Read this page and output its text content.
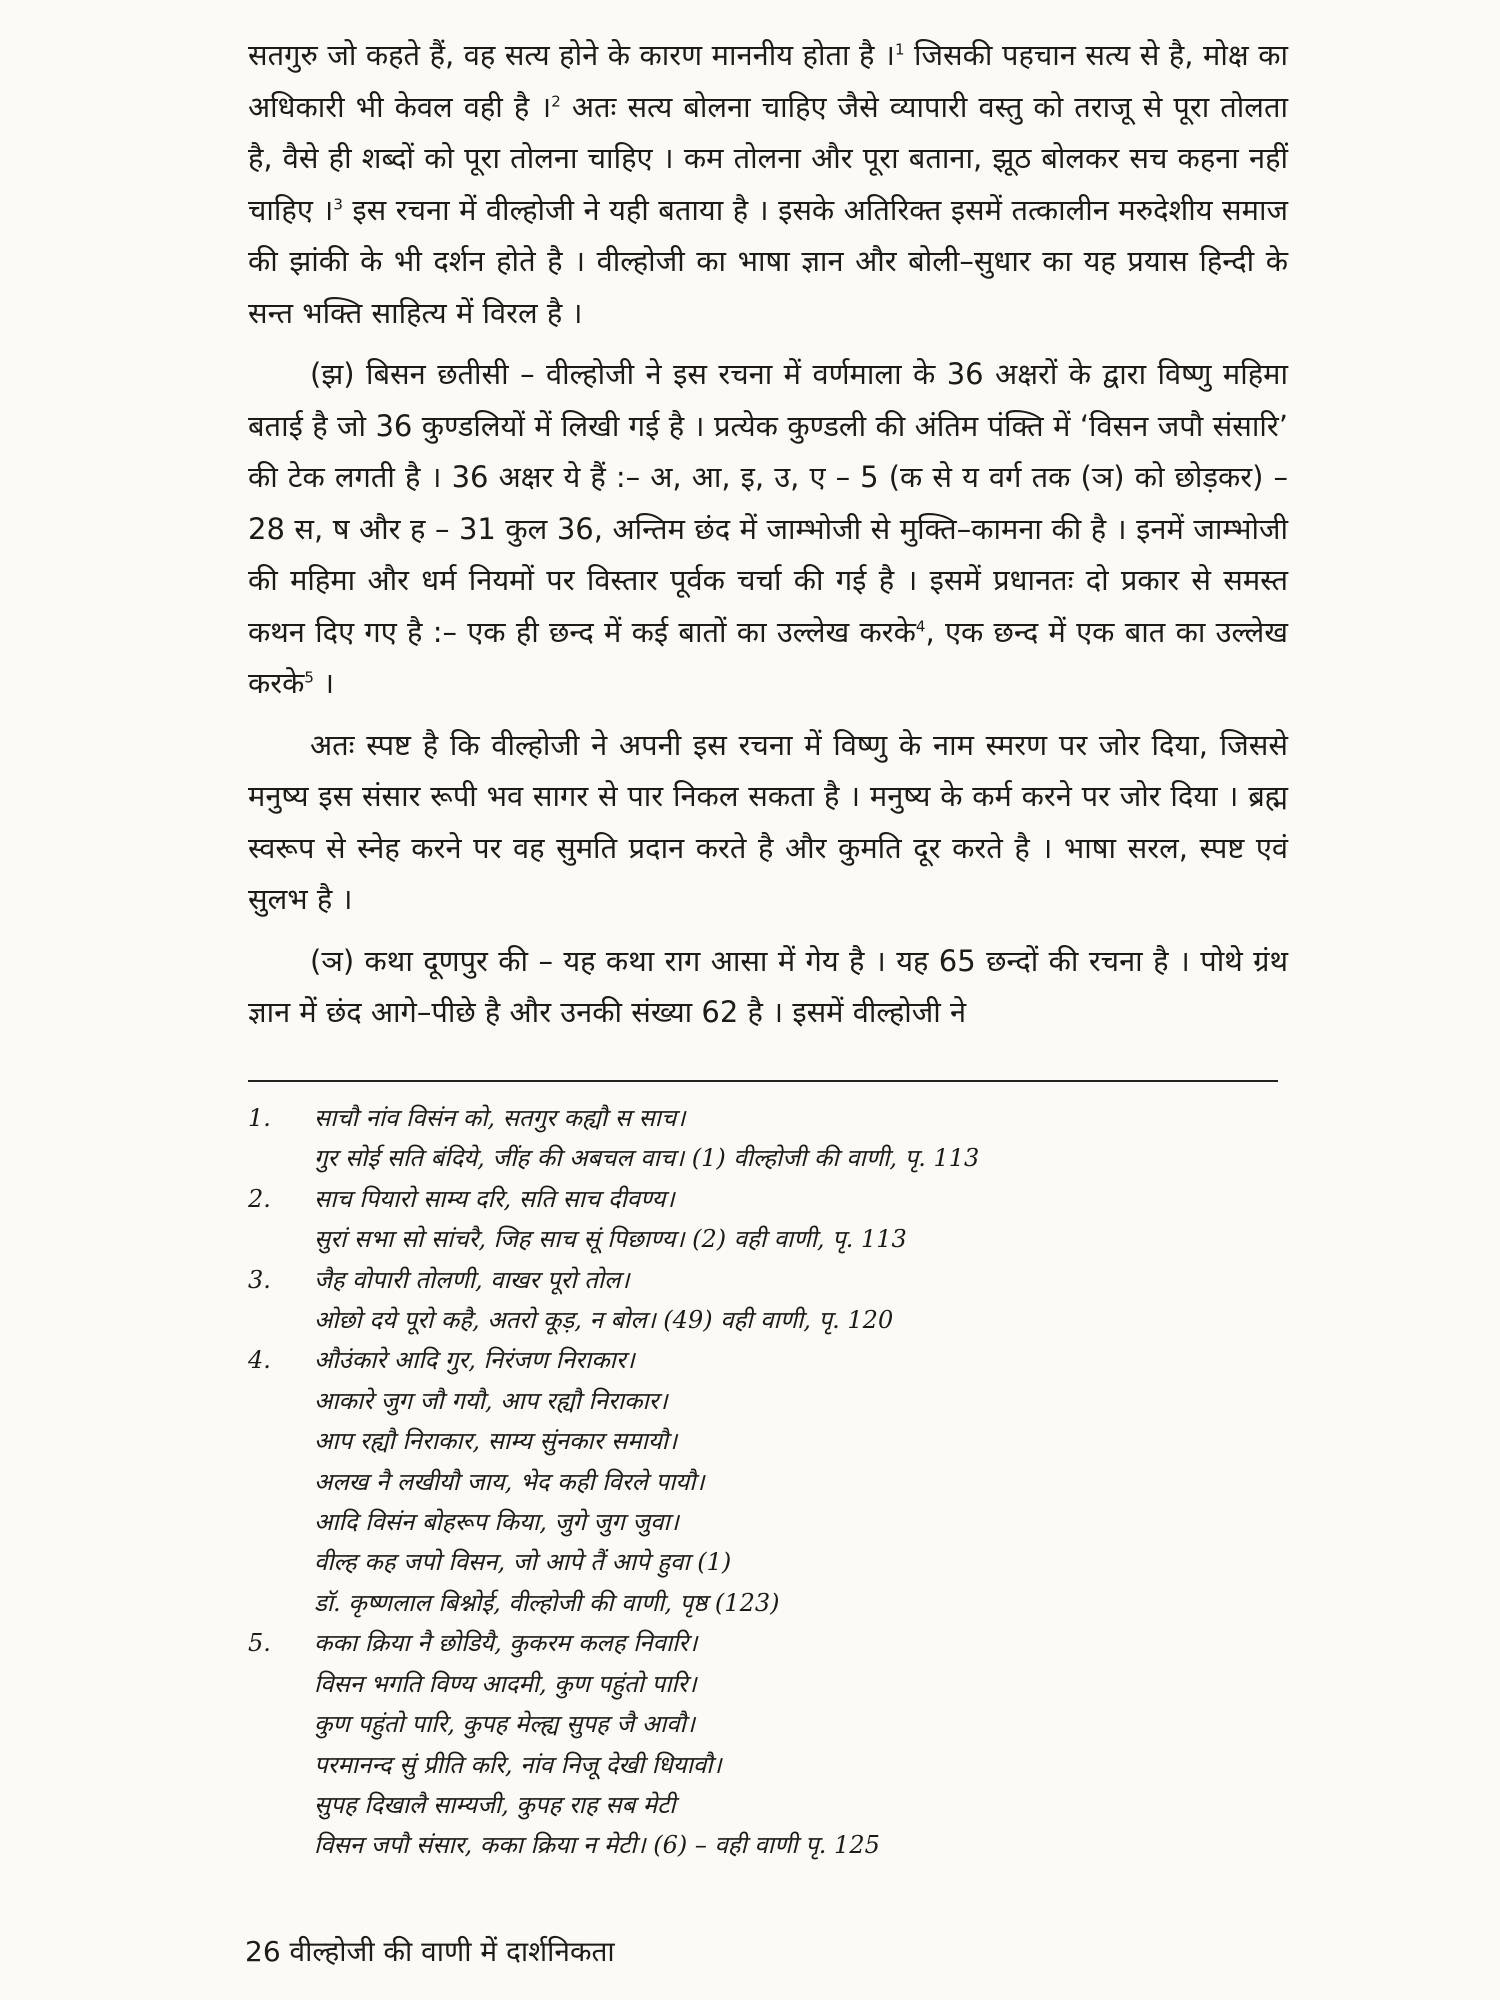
सतगुरु जो कहते हैं, वह सत्य होने के कारण माननीय होता है ।$^1$ जिसकी पहचान सत्य से है, मोक्ष का अधिकारी भी केवल वही है ।$^2$ अतः सत्य बोलना चाहिए जैसे व्यापारी वस्तु को तराजू से पूरा तोलता है, वैसे ही शब्दों को पूरा तोलना चाहिए । कम तोलना और पूरा बताना, झूठ बोलकर सच कहना नहीं चाहिए ।$^3$ इस रचना में वील्होजी ने यही बताया है । इसके अतिरिक्त इसमें तत्कालीन मरुदेशीय समाज की झांकी के भी दर्शन होते है । वील्होजी का भाषा ज्ञान और बोली–सुधार का यह प्रयास हिन्दी के सन्त भक्ति साहित्य में विरल है ।

(झ) बिसन छतीसी – वील्होजी ने इस रचना में वर्णमाला के 36 अक्षरों के द्वारा विष्णु महिमा बताई है जो 36 कुण्डलियों में लिखी गई है । प्रत्येक कुण्डली की अंतिम पंक्ति में ‘विसन जपौ संसारि’ की टेक लगती है । 36 अक्षर ये हैं :– अ, आ, इ, उ, ए – 5 (क से य वर्ग तक (ञ) को छोड़कर) – 28 स, ष और ह – 31 कुल 36, अन्तिम छंद में जाम्भोजी से मुक्ति–कामना की है । इनमें जाम्भोजी की महिमा और धर्म नियमों पर विस्तार पूर्वक चर्चा की गई है । इसमें प्रधानतः दो प्रकार से समस्त कथन दिए गए है :– एक ही छन्द में कई बातों का उल्लेख करके$^4$, एक छन्द में एक बात का उल्लेख करके$^5$ ।

अतः स्पष्ट है कि वील्होजी ने अपनी इस रचना में विष्णु के नाम स्मरण पर जोर दिया, जिससे मनुष्य इस संसार रूपी भव सागर से पार निकल सकता है । मनुष्य के कर्म करने पर जोर दिया । ब्रह्म स्वरूप से स्नेह करने पर वह सुमति प्रदान करते है और कुमति दूर करते है । भाषा सरल, स्पष्ट एवं सुलभ है ।

(ञ) कथा दूणपुर की – यह कथा राग आसा में गेय है । यह 65 छन्दों की रचना है । पोथे ग्रंथ ज्ञान में छंद आगे–पीछे है और उनकी संख्या 62 है । इसमें वील्होजी ने

1.	साचौ नांव विसंन को, सतगुर कह्यौ स साच।
गुर सोई सति बंदिये, जींह की अबचल वाच। (1) वील्होजी की वाणी, पृ. 113
2.	साच पियारो साम्य दरि, सति साच दीवण्य।
सुरां सभा सो सांचरै, जिह साच सूं पिछाण्य। (2) वही वाणी, पृ. 113
3.	जैह वोपारी तोलणी, वाखर पूरो तोल।
ओछो दये पूरो कहै, अतरो कूड़, न बोल। (49) वही वाणी, पृ. 120
4.	औउंकारे आदि गुर, निरंजण निराकार।
आकारे जुग जौ गयौ, आप रह्यौ निराकार।
आप रह्यौ निराकार, साम्य सुंनकार समायौ।
अलख नै लखीयौ जाय, भेद कही विरले पायौ।
आदि विसंन बोहरूप किया, जुगे जुग जुवा।
वील्ह कह जपो विसन, जो आपे तैं आपे हुवा (1)
डॉ. कृष्णलाल बिश्नोई, वील्होजी की वाणी, पृष्ठ (123)
5.	कका क्रिया नै छोडियै, कुकरम कलह निवारि।
विसन भगति विण्य आदमी, कुण पहुंतो पारि।
कुण पहुंतो पारि, कुपह मेल्ह्य सुपह जै आवौ।
परमानन्द सुं प्रीति करि, नांव निजू देखी धियावौ।
सुपह दिखालै साम्यजी, कुपह राह सब मेटी
विसन जपौ संसार, कका क्रिया न मेटी। (6) – वही वाणी पृ. 125
26 वील्होजी की वाणी में दार्शनिकता
